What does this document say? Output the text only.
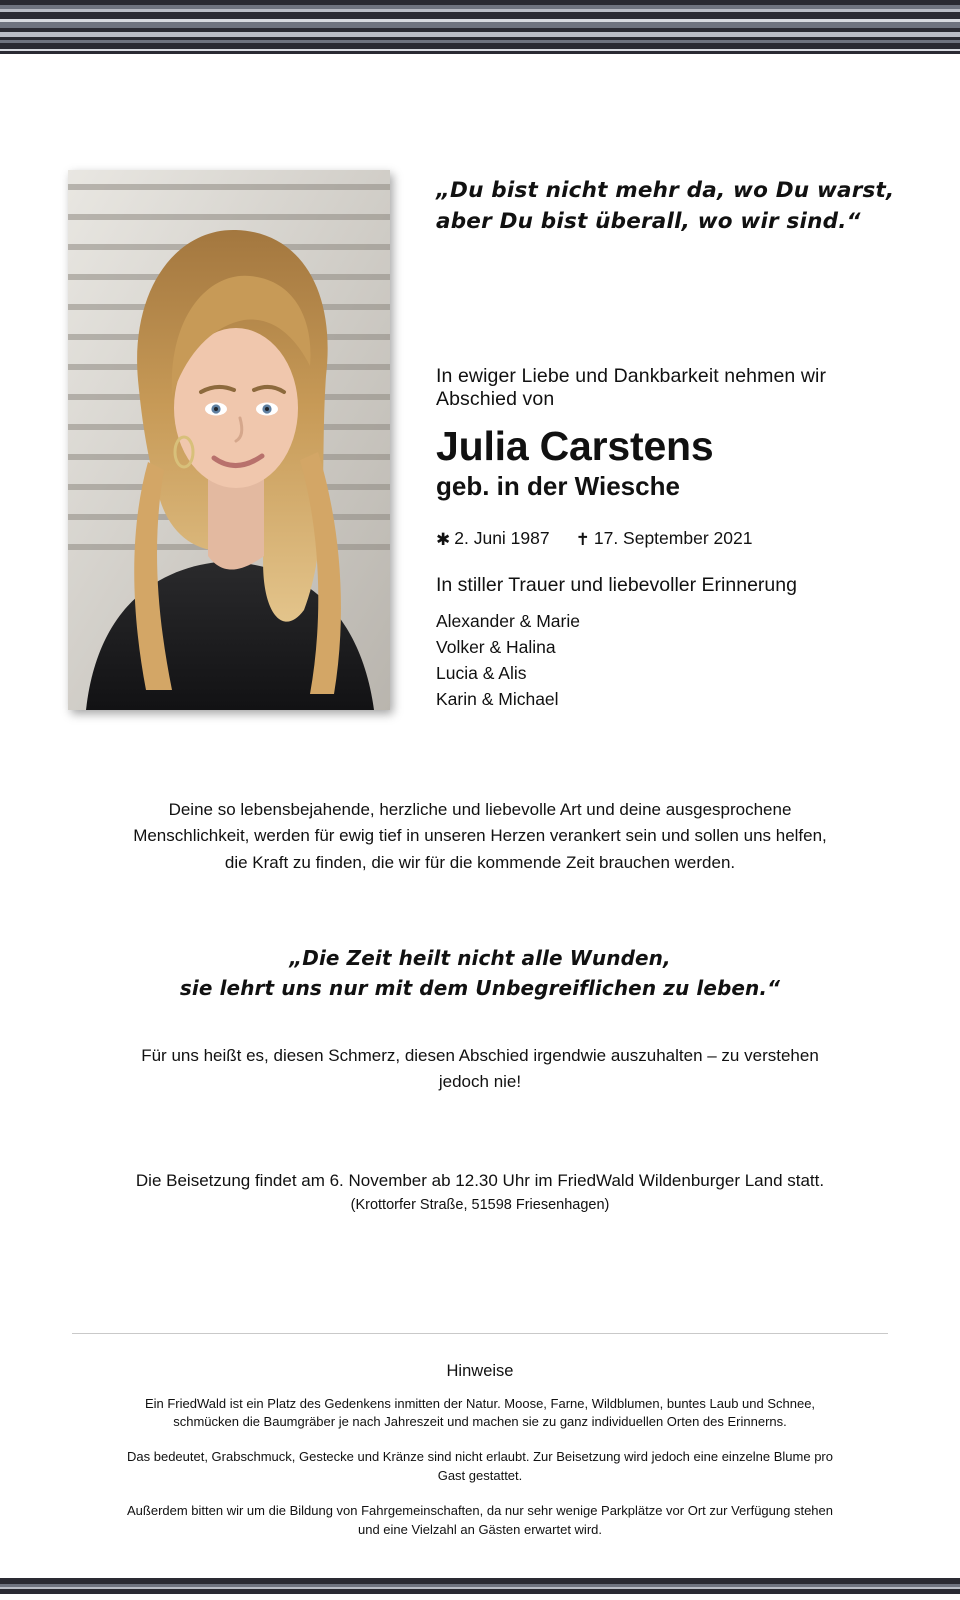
„Du bist nicht mehr da, wo Du warst,
aber Du bist überall, wo wir sind.“
In ewiger Liebe und Dankbarkeit nehmen wir Abschied von
Julia Carstens
geb. in der Wiesche
✱ 2. Juni 1987 ✝ 17. September 2021
In stiller Trauer und liebevoller Erinnerung
Alexander & Marie
Volker & Halina
Lucia & Alis
Karin & Michael
Deine so lebensbejahende, herzliche und liebevolle Art und deine ausgesprochene
Menschlichkeit, werden für ewig tief in unseren Herzen verankert sein und sollen uns helfen,
die Kraft zu finden, die wir für die kommende Zeit brauchen werden.
„Die Zeit heilt nicht alle Wunden,
sie lehrt uns nur mit dem Unbegreiflichen zu leben.“
Für uns heißt es, diesen Schmerz, diesen Abschied irgendwie auszuhalten – zu verstehen jedoch nie!
Die Beisetzung findet am 6. November ab 12.30 Uhr im FriedWald Wildenburger Land statt.
(Krottorfer Straße, 51598 Friesenhagen)
Hinweise

Ein FriedWald ist ein Platz des Gedenkens inmitten der Natur. Moose, Farne, Wildblumen, buntes Laub und Schnee, schmücken die Baumgräber je nach Jahreszeit und machen sie zu ganz individuellen Orten des Erinnerns.

Das bedeutet, Grabschmuck, Gestecke und Kränze sind nicht erlaubt. Zur Beisetzung wird jedoch eine einzelne Blume pro Gast gestattet.

Außerdem bitten wir um die Bildung von Fahrgemeinschaften, da nur sehr wenige Parkplätze vor Ort zur Verfügung stehen und eine Vielzahl an Gästen erwartet wird.
